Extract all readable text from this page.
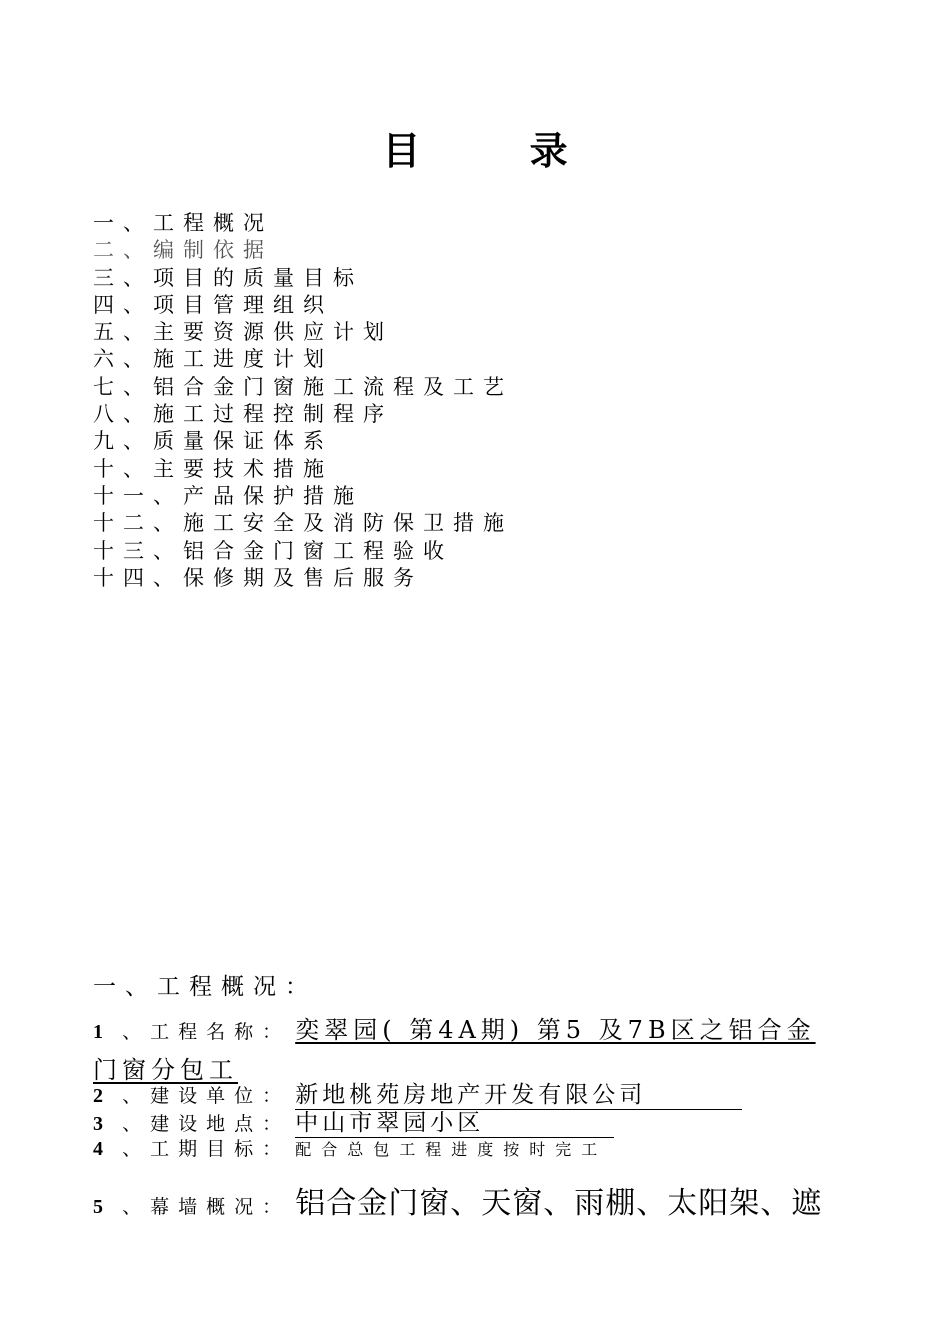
目 录
一、工程概况
二、编制依据
三、项目的质量目标
四、项目管理组织
五、主要资源供应计划
六、施工进度计划
七、铝合金门窗施工流程及工艺
八、施工过程控制程序
九、质量保证体系
十、主要技术措施
十一、产品保护措施
十二、施工安全及消防保卫措施
十三、铝合金门窗工程验收
十四、保修期及售后服务
一、工程概况：
1 、工程名称： 奕翠园( 第4A期) 第5 及7B区之铝合金
门窗分包工
2 、建设单位： 新地桃苑房地产开发有限公司
3 、建设地点： 中山市翠园小区
4 、工期目标： 配合总包工程进度按时完工
5 、幕墙概况： 铝合金门窗、天窗、雨棚、太阳架、遮
